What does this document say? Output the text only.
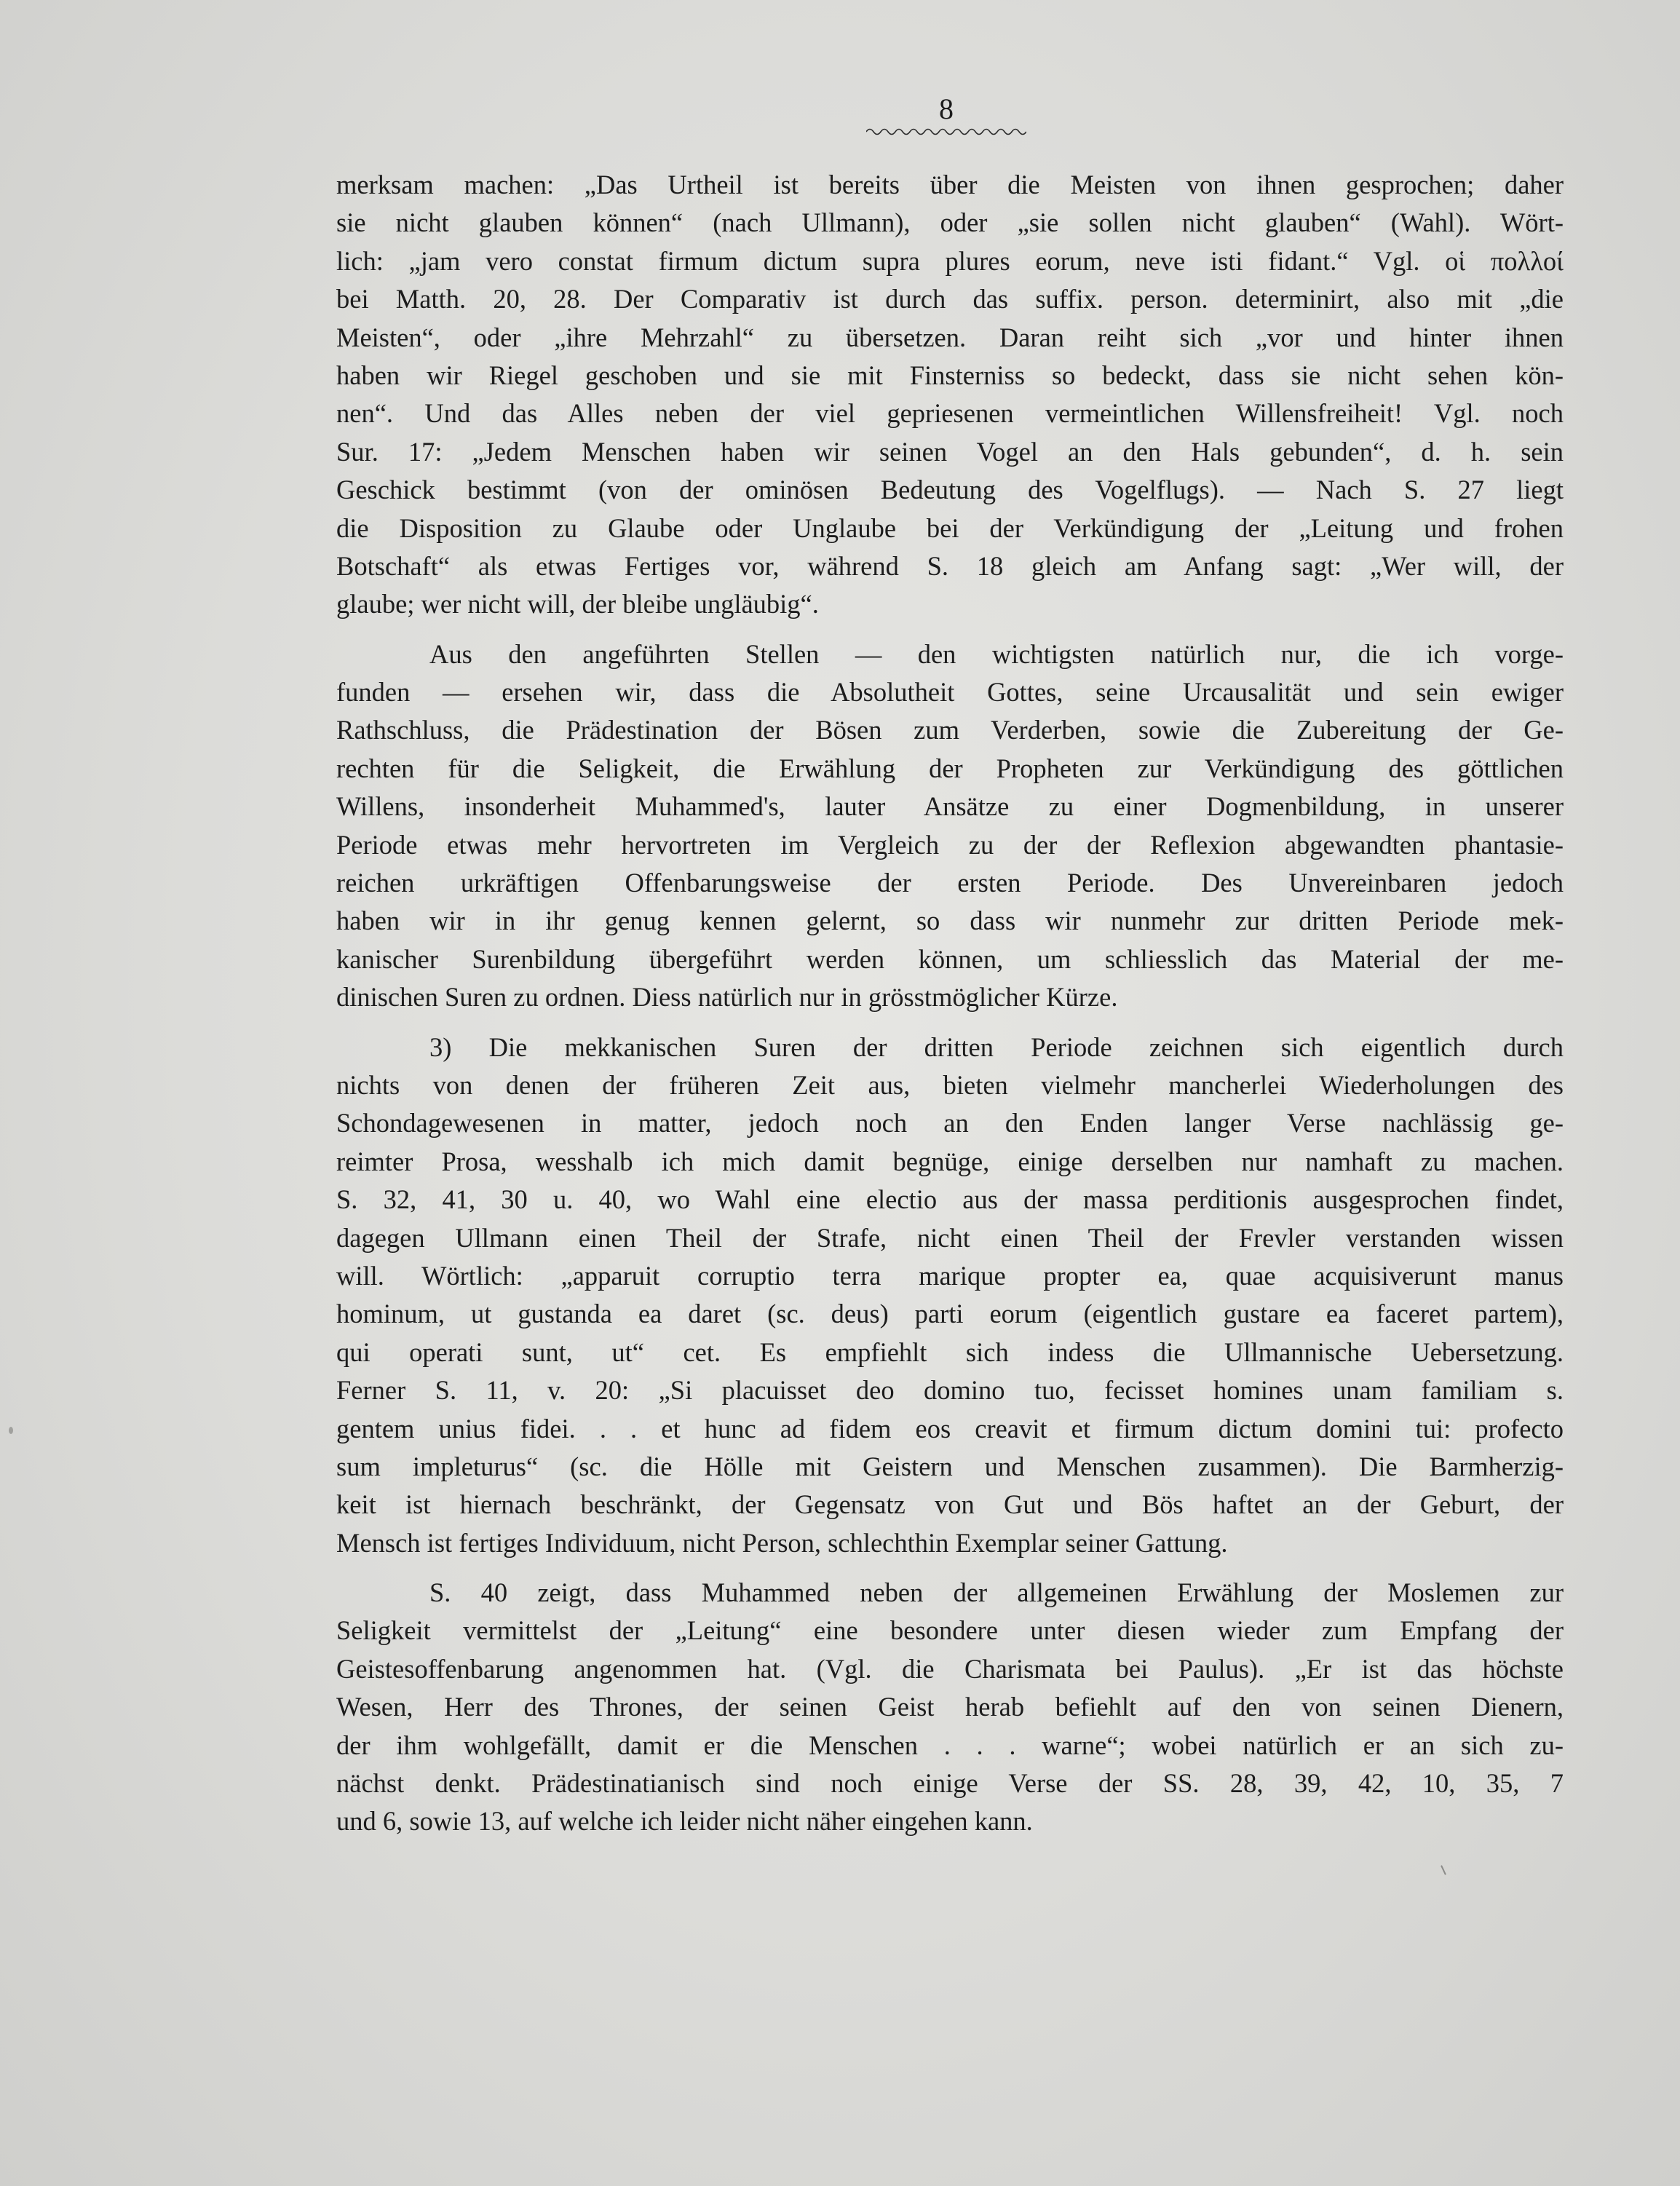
8
merksam machen: „Das Urtheil ist bereits über die Meisten von ihnen gesprochen; daher
sie nicht glauben können“ (nach Ullmann), oder „sie sollen nicht glauben“ (Wahl). Wört-
lich: „jam vero constat firmum dictum supra plures eorum, neve isti fidant.“ Vgl. οἱ πολλοί
bei Matth. 20, 28. Der Comparativ ist durch das suffix. person. determinirt, also mit „die
Meisten“, oder „ihre Mehrzahl“ zu übersetzen. Daran reiht sich „vor und hinter ihnen
haben wir Riegel geschoben und sie mit Finsterniss so bedeckt, dass sie nicht sehen kön-
nen“. Und das Alles neben der viel gepriesenen vermeintlichen Willensfreiheit! Vgl. noch
Sur. 17: „Jedem Menschen haben wir seinen Vogel an den Hals gebunden“, d. h. sein
Geschick bestimmt (von der ominösen Bedeutung des Vogelflugs). — Nach S. 27 liegt
die Disposition zu Glaube oder Unglaube bei der Verkündigung der „Leitung und frohen
Botschaft“ als etwas Fertiges vor, während S. 18 gleich am Anfang sagt: „Wer will, der
glaube; wer nicht will, der bleibe ungläubig“.
Aus den angeführten Stellen — den wichtigsten natürlich nur, die ich vorge-
funden — ersehen wir, dass die Absolutheit Gottes, seine Urcausalität und sein ewiger
Rathschluss, die Prädestination der Bösen zum Verderben, sowie die Zubereitung der Ge-
rechten für die Seligkeit, die Erwählung der Propheten zur Verkündigung des göttlichen
Willens, insonderheit Muhammed's, lauter Ansätze zu einer Dogmenbildung, in unserer
Periode etwas mehr hervortreten im Vergleich zu der der Reflexion abgewandten phantasie-
reichen urkräftigen Offenbarungsweise der ersten Periode. Des Unvereinbaren jedoch
haben wir in ihr genug kennen gelernt, so dass wir nunmehr zur dritten Periode mek-
kanischer Surenbildung übergeführt werden können, um schliesslich das Material der me-
dinischen Suren zu ordnen. Diess natürlich nur in grösstmöglicher Kürze.
3) Die mekkanischen Suren der dritten Periode zeichnen sich eigentlich durch
nichts von denen der früheren Zeit aus, bieten vielmehr mancherlei Wiederholungen des
Schondagewesenen in matter, jedoch noch an den Enden langer Verse nachlässig ge-
reimter Prosa, wesshalb ich mich damit begnüge, einige derselben nur namhaft zu machen.
S. 32, 41, 30 u. 40, wo Wahl eine electio aus der massa perditionis ausgesprochen findet,
dagegen Ullmann einen Theil der Strafe, nicht einen Theil der Frevler verstanden wissen
will. Wörtlich: „apparuit corruptio terra marique propter ea, quae acquisiverunt manus
hominum, ut gustanda ea daret (sc. deus) parti eorum (eigentlich gustare ea faceret partem),
qui operati sunt, ut“ cet. Es empfiehlt sich indess die Ullmannische Uebersetzung.
Ferner S. 11, v. 20: „Si placuisset deo domino tuo, fecisset homines unam familiam s.
gentem unius fidei. . . et hunc ad fidem eos creavit et firmum dictum domini tui: profecto
sum impleturus“ (sc. die Hölle mit Geistern und Menschen zusammen). Die Barmherzig-
keit ist hiernach beschränkt, der Gegensatz von Gut und Bös haftet an der Geburt, der
Mensch ist fertiges Individuum, nicht Person, schlechthin Exemplar seiner Gattung.
S. 40 zeigt, dass Muhammed neben der allgemeinen Erwählung der Moslemen zur
Seligkeit vermittelst der „Leitung“ eine besondere unter diesen wieder zum Empfang der
Geistesoffenbarung angenommen hat. (Vgl. die Charismata bei Paulus). „Er ist das höchste
Wesen, Herr des Thrones, der seinen Geist herab befiehlt auf den von seinen Dienern,
der ihm wohlgefällt, damit er die Menschen . . . warne“; wobei natürlich er an sich zu-
nächst denkt. Prädestinatianisch sind noch einige Verse der SS. 28, 39, 42, 10, 35, 7
und 6, sowie 13, auf welche ich leider nicht näher eingehen kann.
